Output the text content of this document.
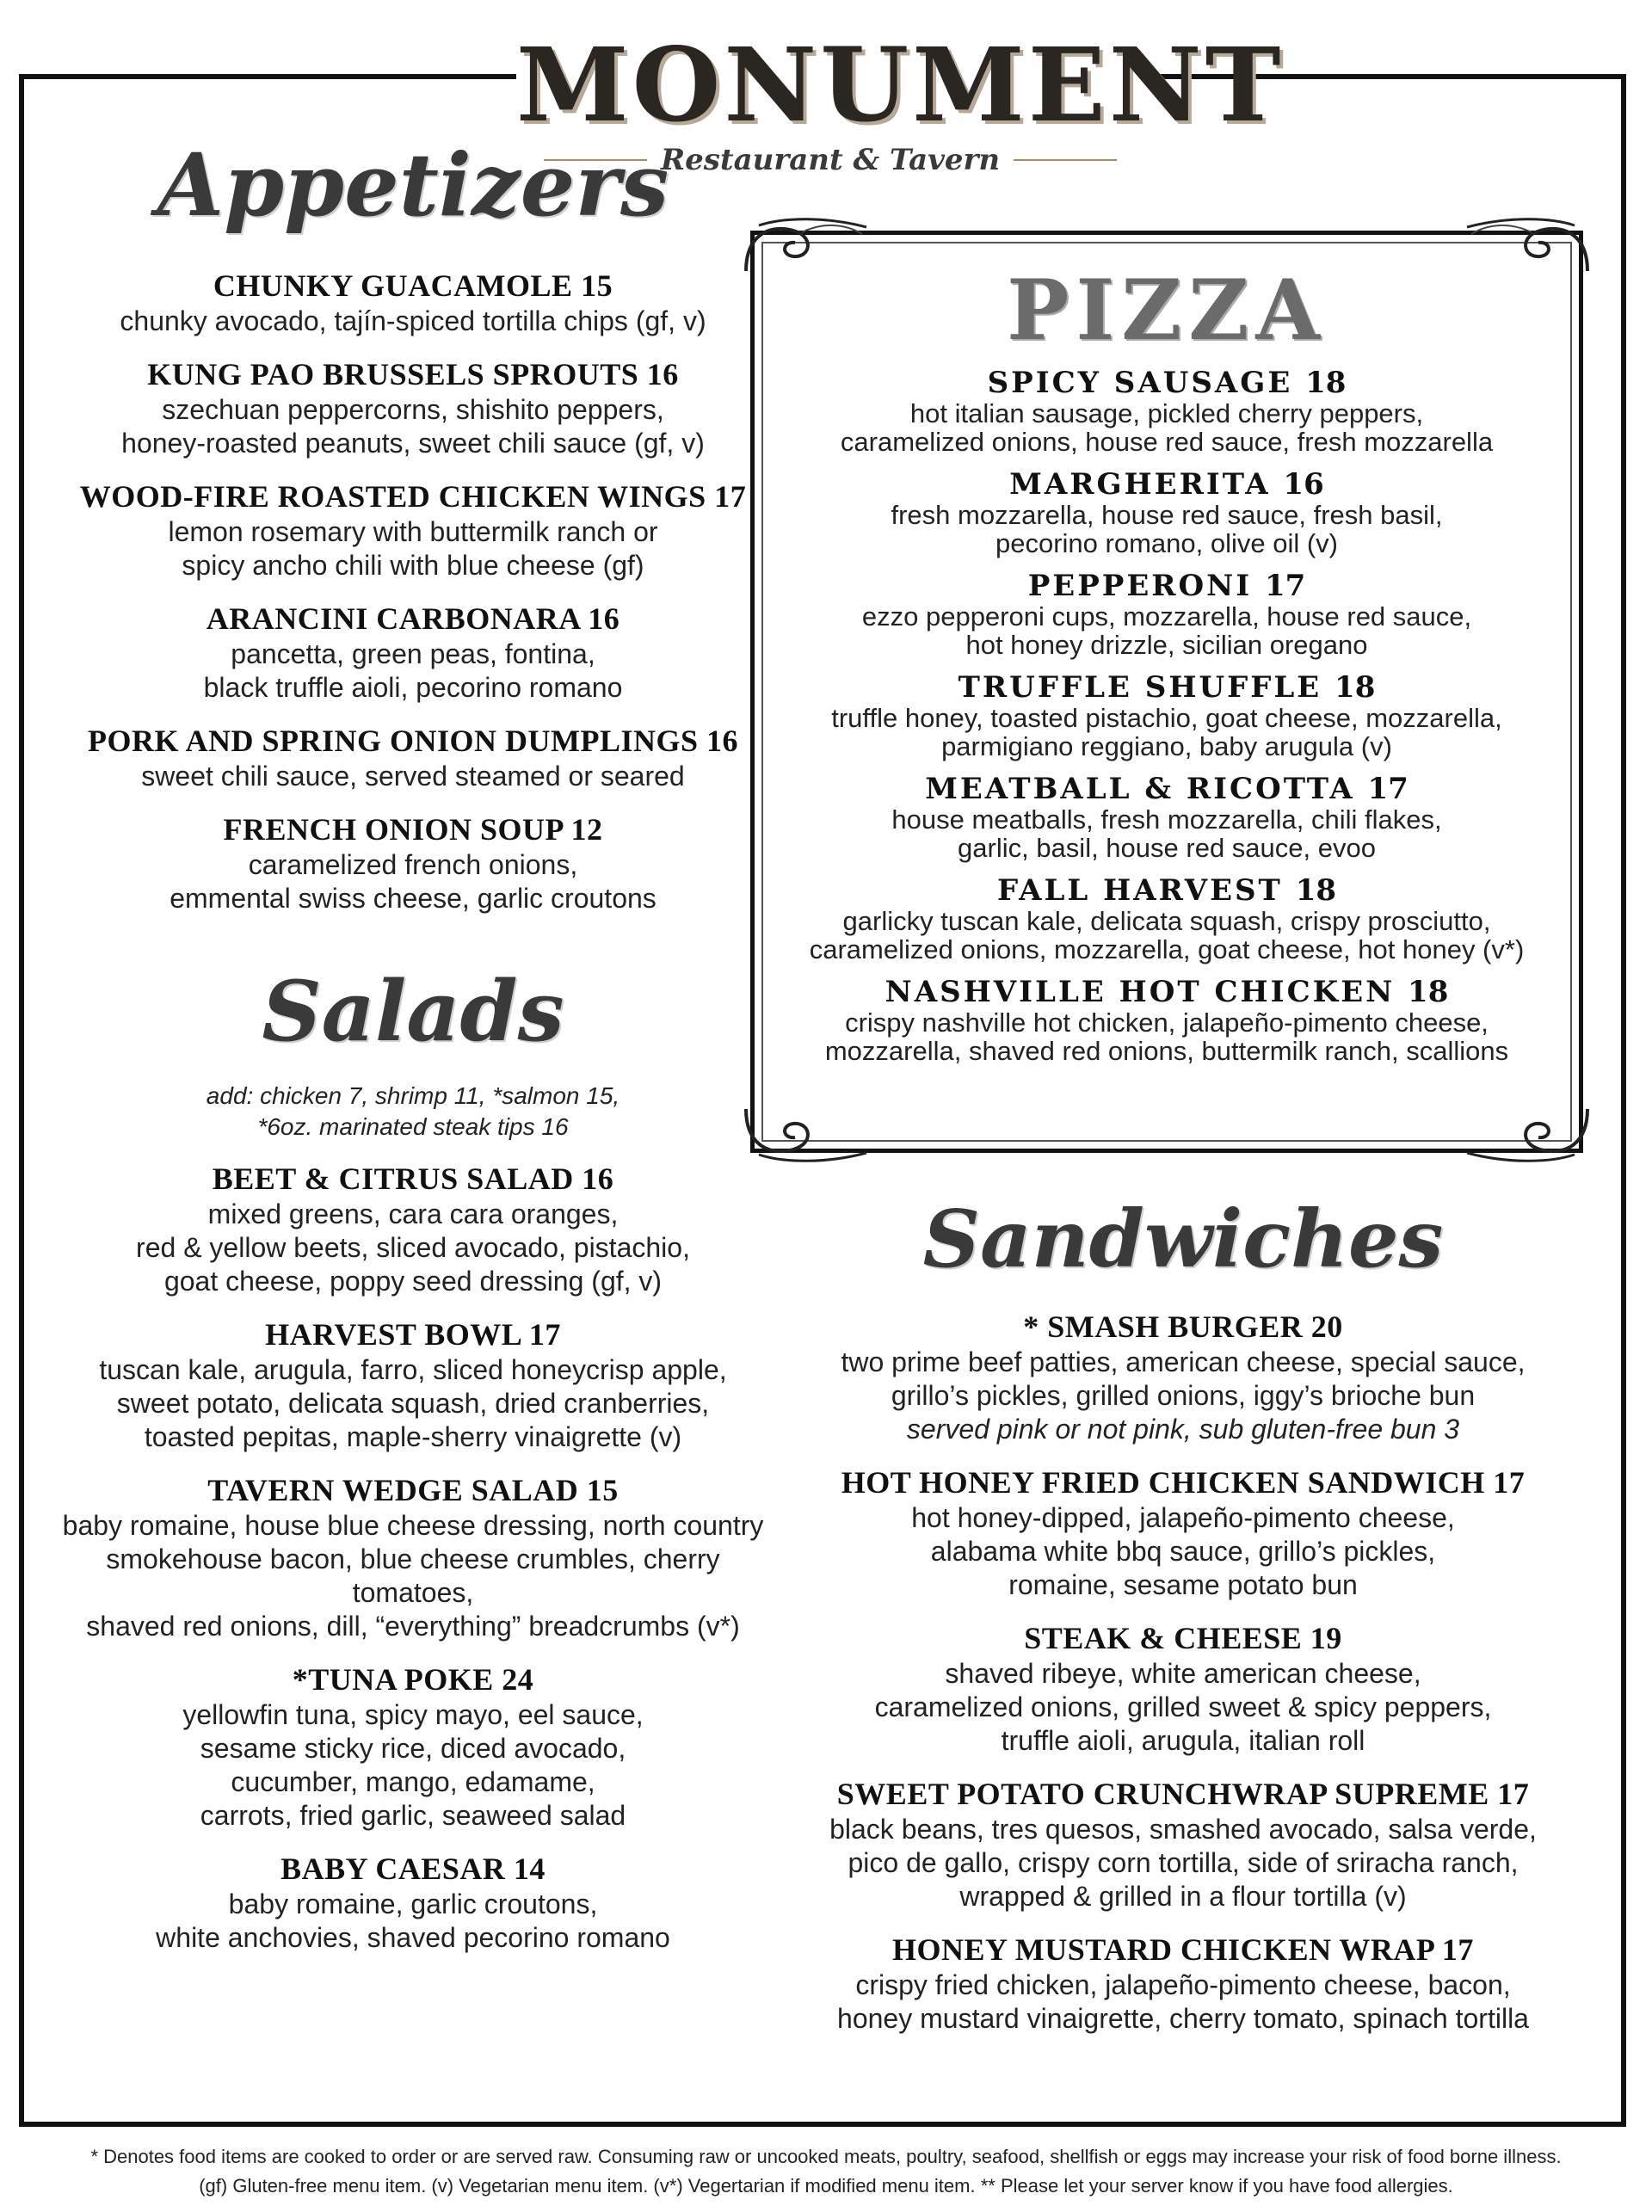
MONUMENT
Restaurant & Tavern
Appetizers
CHUNKY GUACAMOLE 15
chunky avocado, tajín-spiced tortilla chips (gf, v)
KUNG PAO BRUSSELS SPROUTS 16
szechuan peppercorns, shishito peppers,
honey-roasted peanuts, sweet chili sauce (gf, v)
WOOD-FIRE ROASTED CHICKEN WINGS 17
lemon rosemary with buttermilk ranch or
spicy ancho chili with blue cheese (gf)
ARANCINI CARBONARA 16
pancetta, green peas, fontina,
black truffle aioli, pecorino romano
PORK AND SPRING ONION DUMPLINGS 16
sweet chili sauce, served steamed or seared
FRENCH ONION SOUP 12
caramelized french onions,
emmental swiss cheese, garlic croutons
Salads
add: chicken 7, shrimp 11, *salmon 15,
*6oz. marinated steak tips 16
BEET & CITRUS SALAD 16
mixed greens, cara cara oranges,
red & yellow beets, sliced avocado, pistachio,
goat cheese, poppy seed dressing (gf, v)
HARVEST BOWL 17
tuscan kale, arugula, farro, sliced honeycrisp apple,
sweet potato, delicata squash, dried cranberries,
toasted pepitas, maple-sherry vinaigrette (v)
TAVERN WEDGE SALAD 15
baby romaine, house blue cheese dressing, north country
smokehouse bacon, blue cheese crumbles, cherry tomatoes,
shaved red onions, dill, “everything” breadcrumbs (v*)
*TUNA POKE 24
yellowfin tuna, spicy mayo, eel sauce,
sesame sticky rice, diced avocado,
cucumber, mango, edamame,
carrots, fried garlic, seaweed salad
BABY CAESAR 14
baby romaine, garlic croutons,
white anchovies, shaved pecorino romano
PIZZA
SPICY SAUSAGE 18
hot italian sausage, pickled cherry peppers,
caramelized onions, house red sauce, fresh mozzarella
MARGHERITA 16
fresh mozzarella, house red sauce, fresh basil,
pecorino romano, olive oil (v)
PEPPERONI 17
ezzo pepperoni cups, mozzarella, house red sauce,
hot honey drizzle, sicilian oregano
TRUFFLE SHUFFLE 18
truffle honey, toasted pistachio, goat cheese, mozzarella,
parmigiano reggiano, baby arugula (v)
MEATBALL & RICOTTA 17
house meatballs, fresh mozzarella, chili flakes,
garlic, basil, house red sauce, evoo
FALL HARVEST 18
garlicky tuscan kale, delicata squash, crispy prosciutto,
caramelized onions, mozzarella, goat cheese, hot honey (v*)
NASHVILLE HOT CHICKEN 18
crispy nashville hot chicken, jalapeño-pimento cheese,
mozzarella, shaved red onions, buttermilk ranch, scallions
Sandwiches
* SMASH BURGER 20
two prime beef patties, american cheese, special sauce,
grillo’s pickles, grilled onions, iggy’s brioche bun
served pink or not pink, sub gluten-free bun 3
HOT HONEY FRIED CHICKEN SANDWICH 17
hot honey-dipped, jalapeño-pimento cheese,
alabama white bbq sauce, grillo’s pickles,
romaine, sesame potato bun
STEAK & CHEESE 19
shaved ribeye, white american cheese,
caramelized onions, grilled sweet & spicy peppers,
truffle aioli, arugula, italian roll
SWEET POTATO CRUNCHWRAP SUPREME 17
black beans, tres quesos, smashed avocado, salsa verde,
pico de gallo, crispy corn tortilla, side of sriracha ranch,
wrapped & grilled in a flour tortilla (v)
HONEY MUSTARD CHICKEN WRAP 17
crispy fried chicken, jalapeño-pimento cheese, bacon,
honey mustard vinaigrette, cherry tomato, spinach tortilla
* Denotes food items are cooked to order or are served raw. Consuming raw or uncooked meats, poultry, seafood, shellfish or eggs may increase your risk of food borne illness.
(gf) Gluten-free menu item. (v) Vegetarian menu item. (v*) Vegertarian if modified menu item. ** Please let your server know if you have food allergies.
